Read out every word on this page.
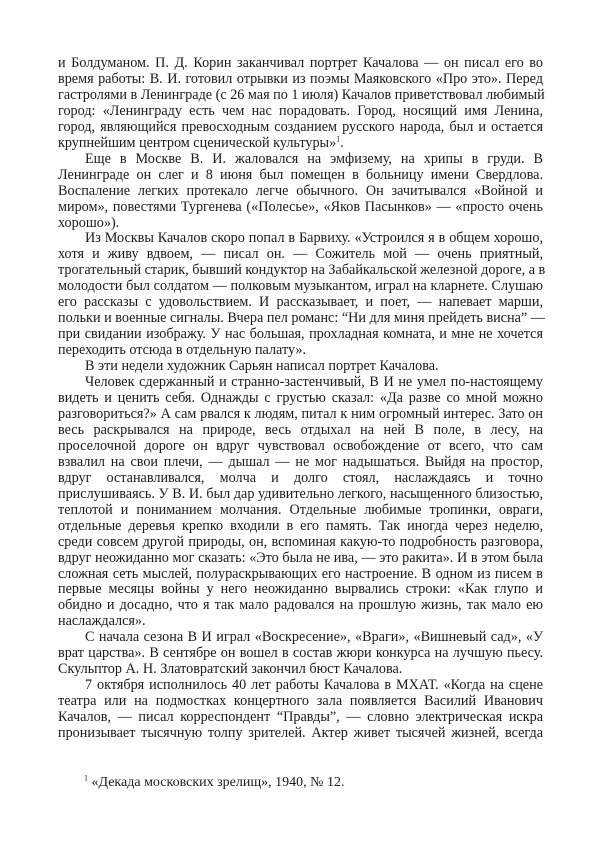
и Болдуманом. П. Д. Корин заканчивал портрет Качалова — он писал его во
время работы: В. И. готовил отрывки из поэмы Маяковского «Про это». Перед
гастролями в Ленинграде (с 26 мая по 1 июля) Качалов приветствовал любимый
город: «Ленинграду есть чем нас порадовать. Город, носящий имя Ленина,
город, являющийся превосходным созданием русского народа, был и остается
крупнейшим центром сценической культуры»$^1$.
Еще в Москве В. И. жаловался на эмфизему, на хрипы в груди. В
Ленинграде он слег и 8 июня был помещен в больницу имени Свердлова.
Воспаление легких протекало легче обычного. Он зачитывался «Войной и
миром», повестями Тургенева («Полесье», «Яков Пасынков» — «просто очень
хорошо»).
Из Москвы Качалов скоро попал в Барвиху. «Устроился я в общем хорошо,
хотя и живу вдвоем, — писал он. — Сожитель мой — очень приятный,
трогательный старик, бывший кондуктор на Забайкальской железной дороге, а в
молодости был солдатом — полковым музыкантом, играл на кларнете. Слушаю
его рассказы с удовольствием. И рассказывает, и поет, — напевает марши,
польки и военные сигналы. Вчера пел романс: “Ни для миня прейдеть висна” —
при свидании изображу. У нас большая, прохладная комната, и мне не хочется
переходить отсюда в отдельную палату».
В эти недели художник Сарьян написал портрет Качалова.
Человек сдержанный и странно-застенчивый, В И не умел по-настоящему
видеть и ценить себя. Однажды с грустью сказал: «Да разве со мной можно
разговориться?» А сам рвался к людям, питал к ним огромный интерес. Зато он
весь раскрывался на природе, весь отдыхал на ней В поле, в лесу, на
проселочной дороге он вдруг чувствовал освобождение от всего, что сам
взвалил на свои плечи, — дышал — не мог надышаться. Выйдя на простор,
вдруг останавливался, молча и долго стоял, наслаждаясь и точно
прислушиваясь. У В. И. был дар удивительно легкого, насыщенного близостью,
теплотой и пониманием молчания. Отдельные любимые тропинки, овраги,
отдельные деревья крепко входили в его память. Так иногда через неделю,
среди совсем другой природы, он, вспоминая какую-то подробность разговора,
вдруг неожиданно мог сказать: «Это была не ива, — это ракита». И в этом была
сложная сеть мыслей, полураскрывающих его настроение. В одном из писем в
первые месяцы войны у него неожиданно вырвались строки: «Как глупо и
обидно и досадно, что я так мало радовался на прошлую жизнь, так мало ею
наслаждался».
С начала сезона В И играл «Воскресение», «Враги», «Вишневый сад», «У
врат царства». В сентябре он вошел в состав жюри конкурса на лучшую пьесу.
Скульптор А. Н. Златовратский закончил бюст Качалова.
7 октября исполнилось 40 лет работы Качалова в МХАТ. «Когда на сцене
театра или на подмостках концертного зала появляется Василий Иванович
Качалов, — писал корреспондент “Правды”, — словно электрическая искра
пронизывает тысячную толпу зрителей. Актер живет тысячей жизней, всегда
$^1$ «Декада московских зрелищ», 1940, № 12.
